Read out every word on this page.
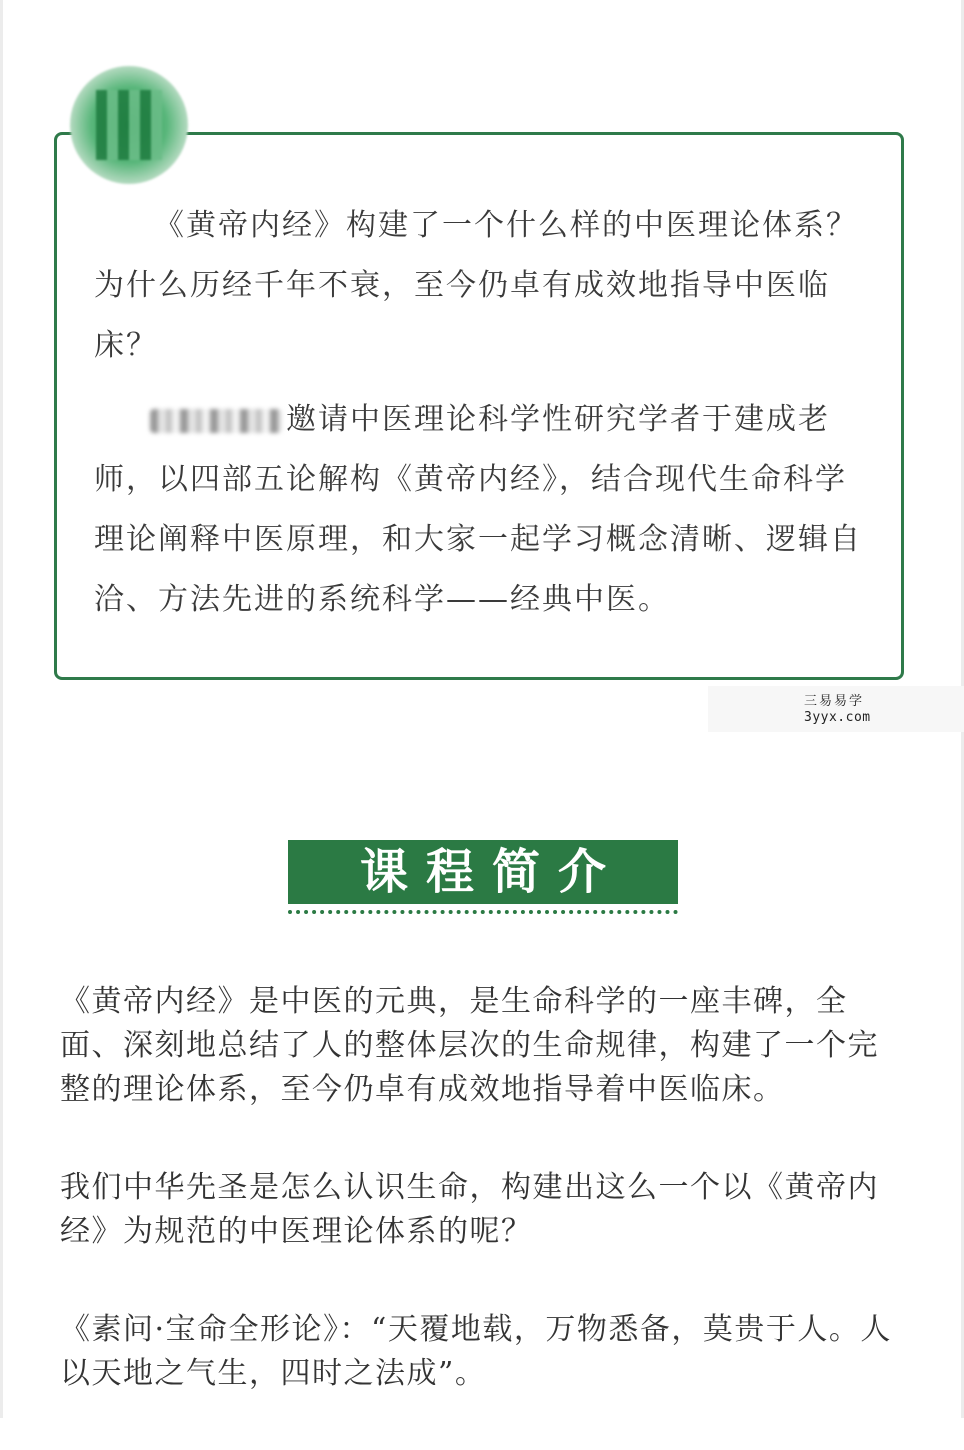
《黄帝内经》构建了一个什么样的中医理论体系？为什么历经千年不衰，至今仍卓有成效地指导中医临床？

邀请中医理论科学性研究学者于建成老师，以四部五论解构《黄帝内经》，结合现代生命科学理论阐释中医原理，和大家一起学习概念清晰、逻辑自洽、方法先进的系统科学——经典中医。

三易易学
3yyx.com
课程简介

《黄帝内经》是中医的元典，是生命科学的一座丰碑，全面、深刻地总结了人的整体层次的生命规律，构建了一个完整的理论体系，至今仍卓有成效地指导着中医临床。

我们中华先圣是怎么认识生命，构建出这么一个以《黄帝内经》为规范的中医理论体系的呢？

《素问·宝命全形论》：“天覆地载，万物悉备，莫贵于人。人以天地之气生，四时之法成”。
